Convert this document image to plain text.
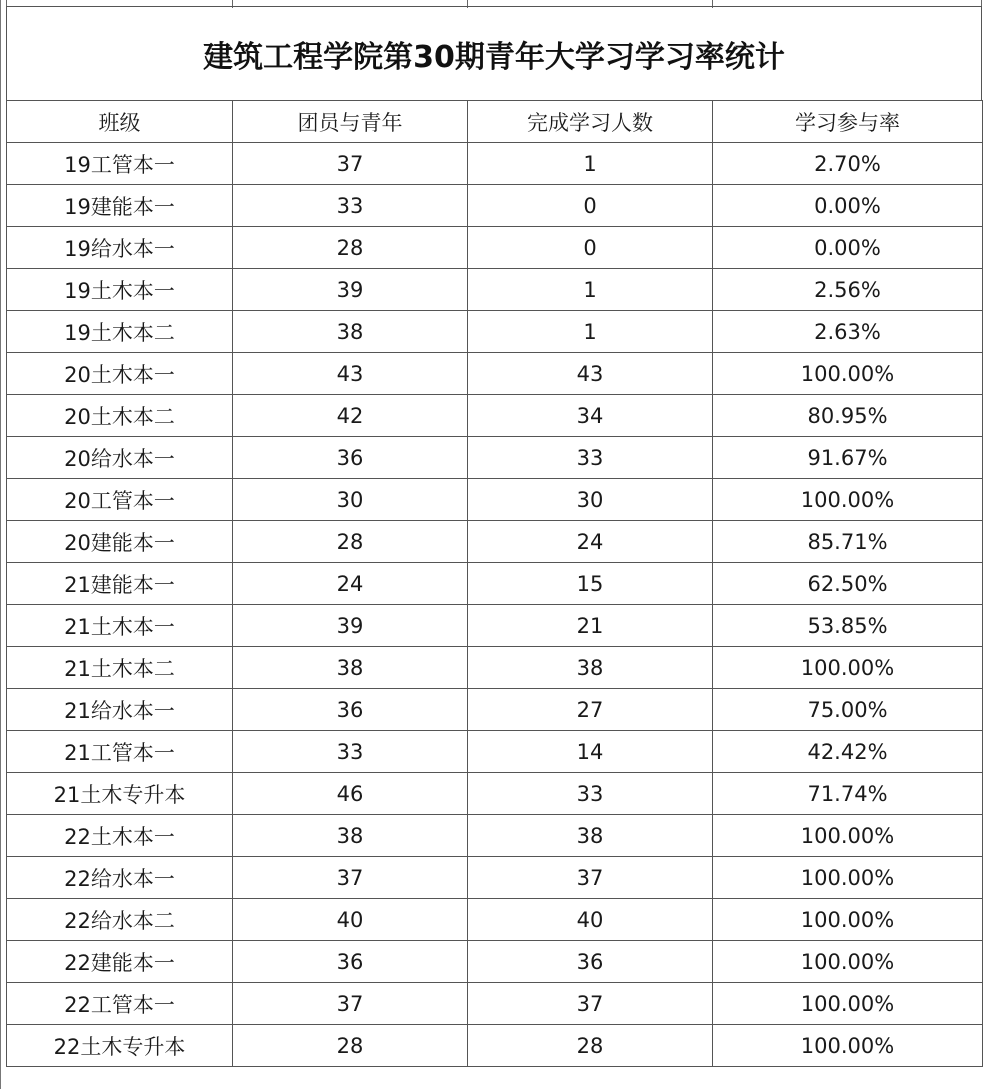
建筑工程学院第30期青年大学习学习率统计
班级	团员与青年	完成学习人数	学习参与率
19工管本一	37	1	2.70%
19建能本一	33	0	0.00%
19给水本一	28	0	0.00%
19土木本一	39	1	2.56%
19土木本二	38	1	2.63%
20土木本一	43	43	100.00%
20土木本二	42	34	80.95%
20给水本一	36	33	91.67%
20工管本一	30	30	100.00%
20建能本一	28	24	85.71%
21建能本一	24	15	62.50%
21土木本一	39	21	53.85%
21土木本二	38	38	100.00%
21给水本一	36	27	75.00%
21工管本一	33	14	42.42%
21土木专升本	46	33	71.74%
22土木本一	38	38	100.00%
22给水本一	37	37	100.00%
22给水本二	40	40	100.00%
22建能本一	36	36	100.00%
22工管本一	37	37	100.00%
22土木专升本	28	28	100.00%
